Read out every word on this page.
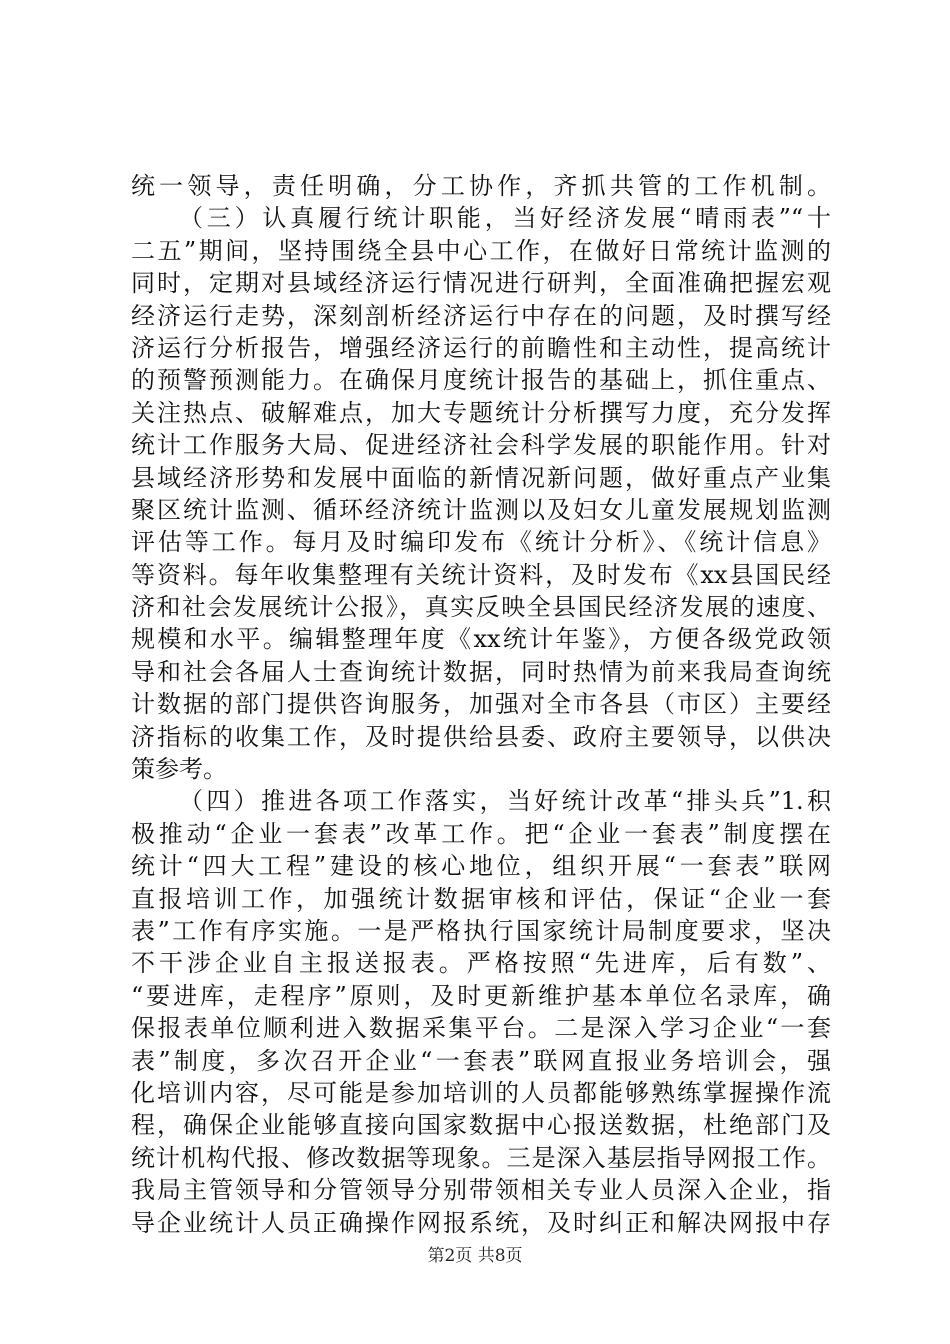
统一领导，责任明确，分工协作，齐抓共管的工作机制。
（三）认真履行统计职能，当好经济发展“晴雨表”“十
二五”期间，坚持围绕全县中心工作，在做好日常统计监测的
同时，定期对县域经济运行情况进行研判，全面准确把握宏观
经济运行走势，深刻剖析经济运行中存在的问题，及时撰写经
济运行分析报告，增强经济运行的前瞻性和主动性，提高统计
的预警预测能力。在确保月度统计报告的基础上，抓住重点、
关注热点、破解难点，加大专题统计分析撰写力度，充分发挥
统计工作服务大局、促进经济社会科学发展的职能作用。针对
县域经济形势和发展中面临的新情况新问题，做好重点产业集
聚区统计监测、循环经济统计监测以及妇女儿童发展规划监测
评估等工作。每月及时编印发布《统计分析》、《统计信息》
等资料。每年收集整理有关统计资料，及时发布《xx县国民经
济和社会发展统计公报》，真实反映全县国民经济发展的速度、
规模和水平。编辑整理年度《xx统计年鉴》，方便各级党政领
导和社会各届人士查询统计数据，同时热情为前来我局查询统
计数据的部门提供咨询服务，加强对全市各县（市区）主要经
济指标的收集工作，及时提供给县委、政府主要领导，以供决
策参考。
（四）推进各项工作落实，当好统计改革“排头兵”1.积
极推动“企业一套表”改革工作。把“企业一套表”制度摆在
统计“四大工程”建设的核心地位，组织开展“一套表”联网
直报培训工作，加强统计数据审核和评估，保证“企业一套
表”工作有序实施。一是严格执行国家统计局制度要求，坚决
不干涉企业自主报送报表。严格按照“先进库，后有数”、
“要进库，走程序”原则，及时更新维护基本单位名录库，确
保报表单位顺利进入数据采集平台。二是深入学习企业“一套
表”制度，多次召开企业“一套表”联网直报业务培训会，强
化培训内容，尽可能是参加培训的人员都能够熟练掌握操作流
程，确保企业能够直接向国家数据中心报送数据，杜绝部门及
统计机构代报、修改数据等现象。三是深入基层指导网报工作。
我局主管领导和分管领导分别带领相关专业人员深入企业，指
导企业统计人员正确操作网报系统，及时纠正和解决网报中存
第2页 共8页
